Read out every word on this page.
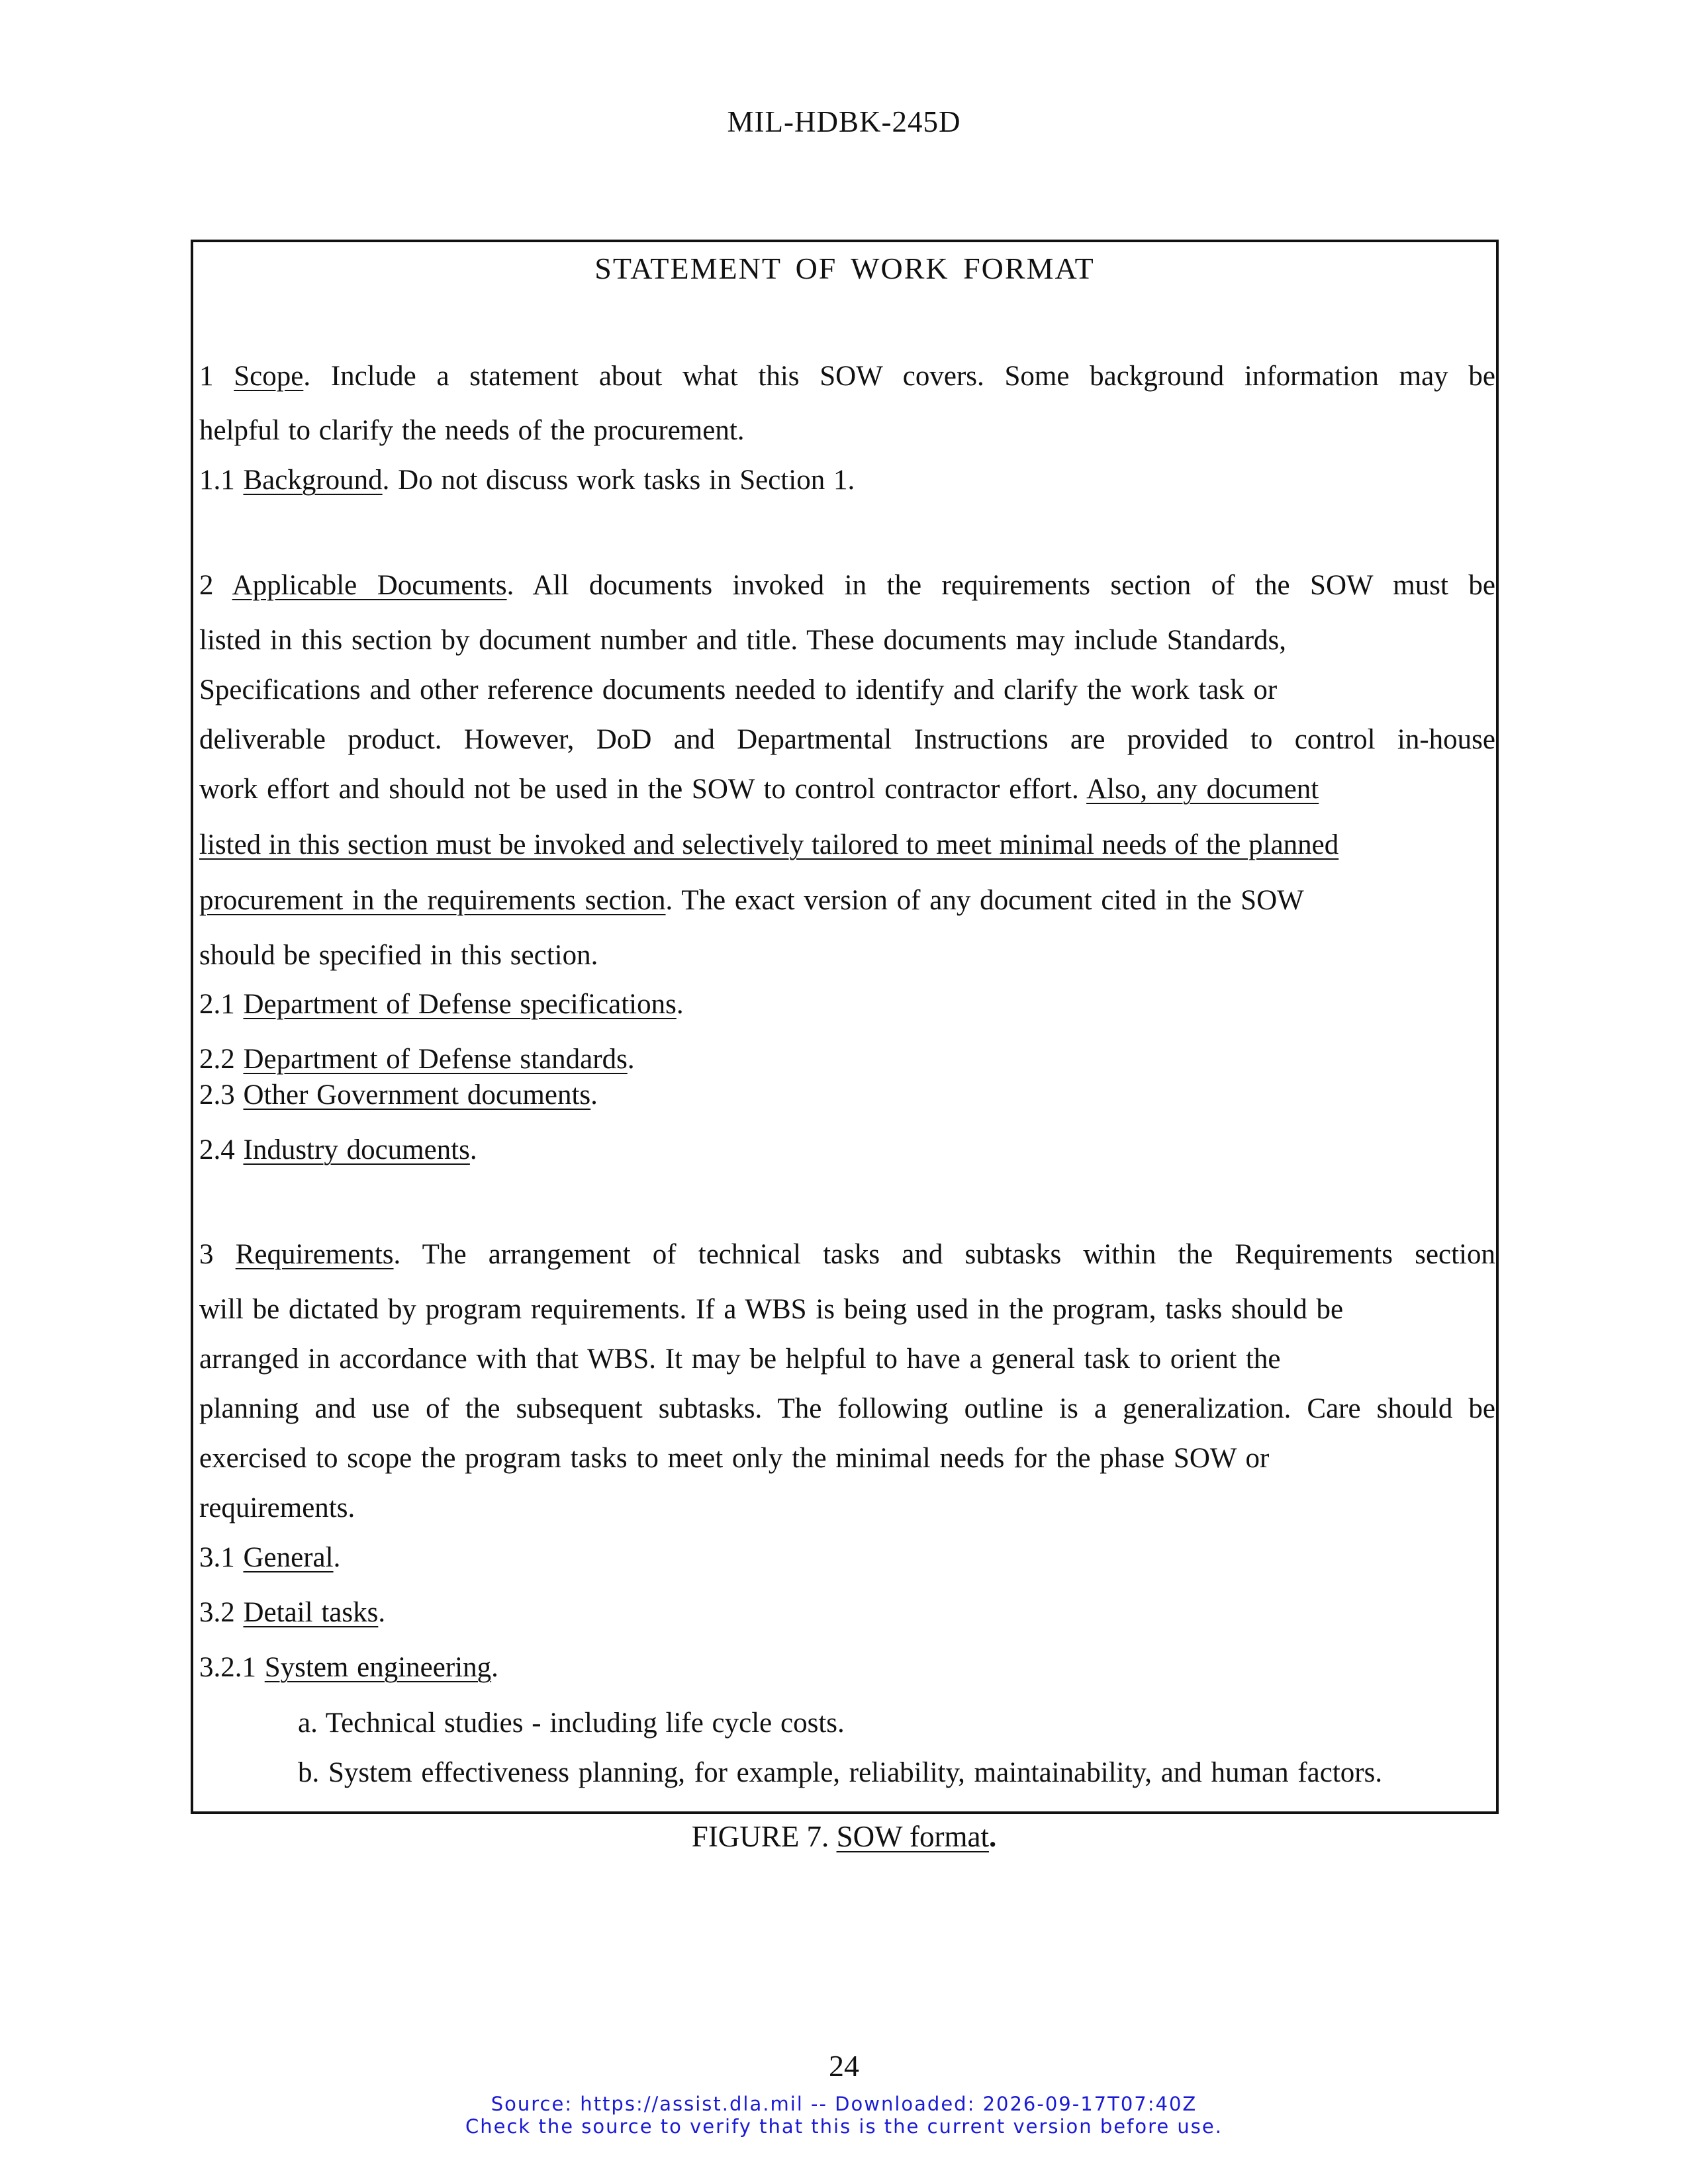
MIL-HDBK-245D
STATEMENT OF WORK FORMAT
1 Scope. Include a statement about what this SOW covers. Some background information may be
helpful to clarify the needs of the procurement.
1.1 Background. Do not discuss work tasks in Section 1.
2 Applicable Documents. All documents invoked in the requirements section of the SOW must be
listed in this section by document number and title. These documents may include Standards,
Specifications and other reference documents needed to identify and clarify the work task or
deliverable product. However, DoD and Departmental Instructions are provided to control in-house
work effort and should not be used in the SOW to control contractor effort. Also, any document
listed in this section must be invoked and selectively tailored to meet minimal needs of the planned
procurement in the requirements section. The exact version of any document cited in the SOW
should be specified in this section.
2.1 Department of Defense specifications.
2.2 Department of Defense standards.
2.3 Other Government documents.
2.4 Industry documents.
3 Requirements. The arrangement of technical tasks and subtasks within the Requirements section
will be dictated by program requirements. If a WBS is being used in the program, tasks should be
arranged in accordance with that WBS. It may be helpful to have a general task to orient the
planning and use of the subsequent subtasks. The following outline is a generalization. Care should be
exercised to scope the program tasks to meet only the minimal needs for the phase SOW or
requirements.
3.1 General.
3.2 Detail tasks.
3.2.1 System engineering.
a. Technical studies - including life cycle costs.
b. System effectiveness planning, for example, reliability, maintainability, and human factors.
FIGURE 7. SOW format.
24
Source: https://assist.dla.mil -- Downloaded: 2026-09-17T07:40Z
Check the source to verify that this is the current version before use.
